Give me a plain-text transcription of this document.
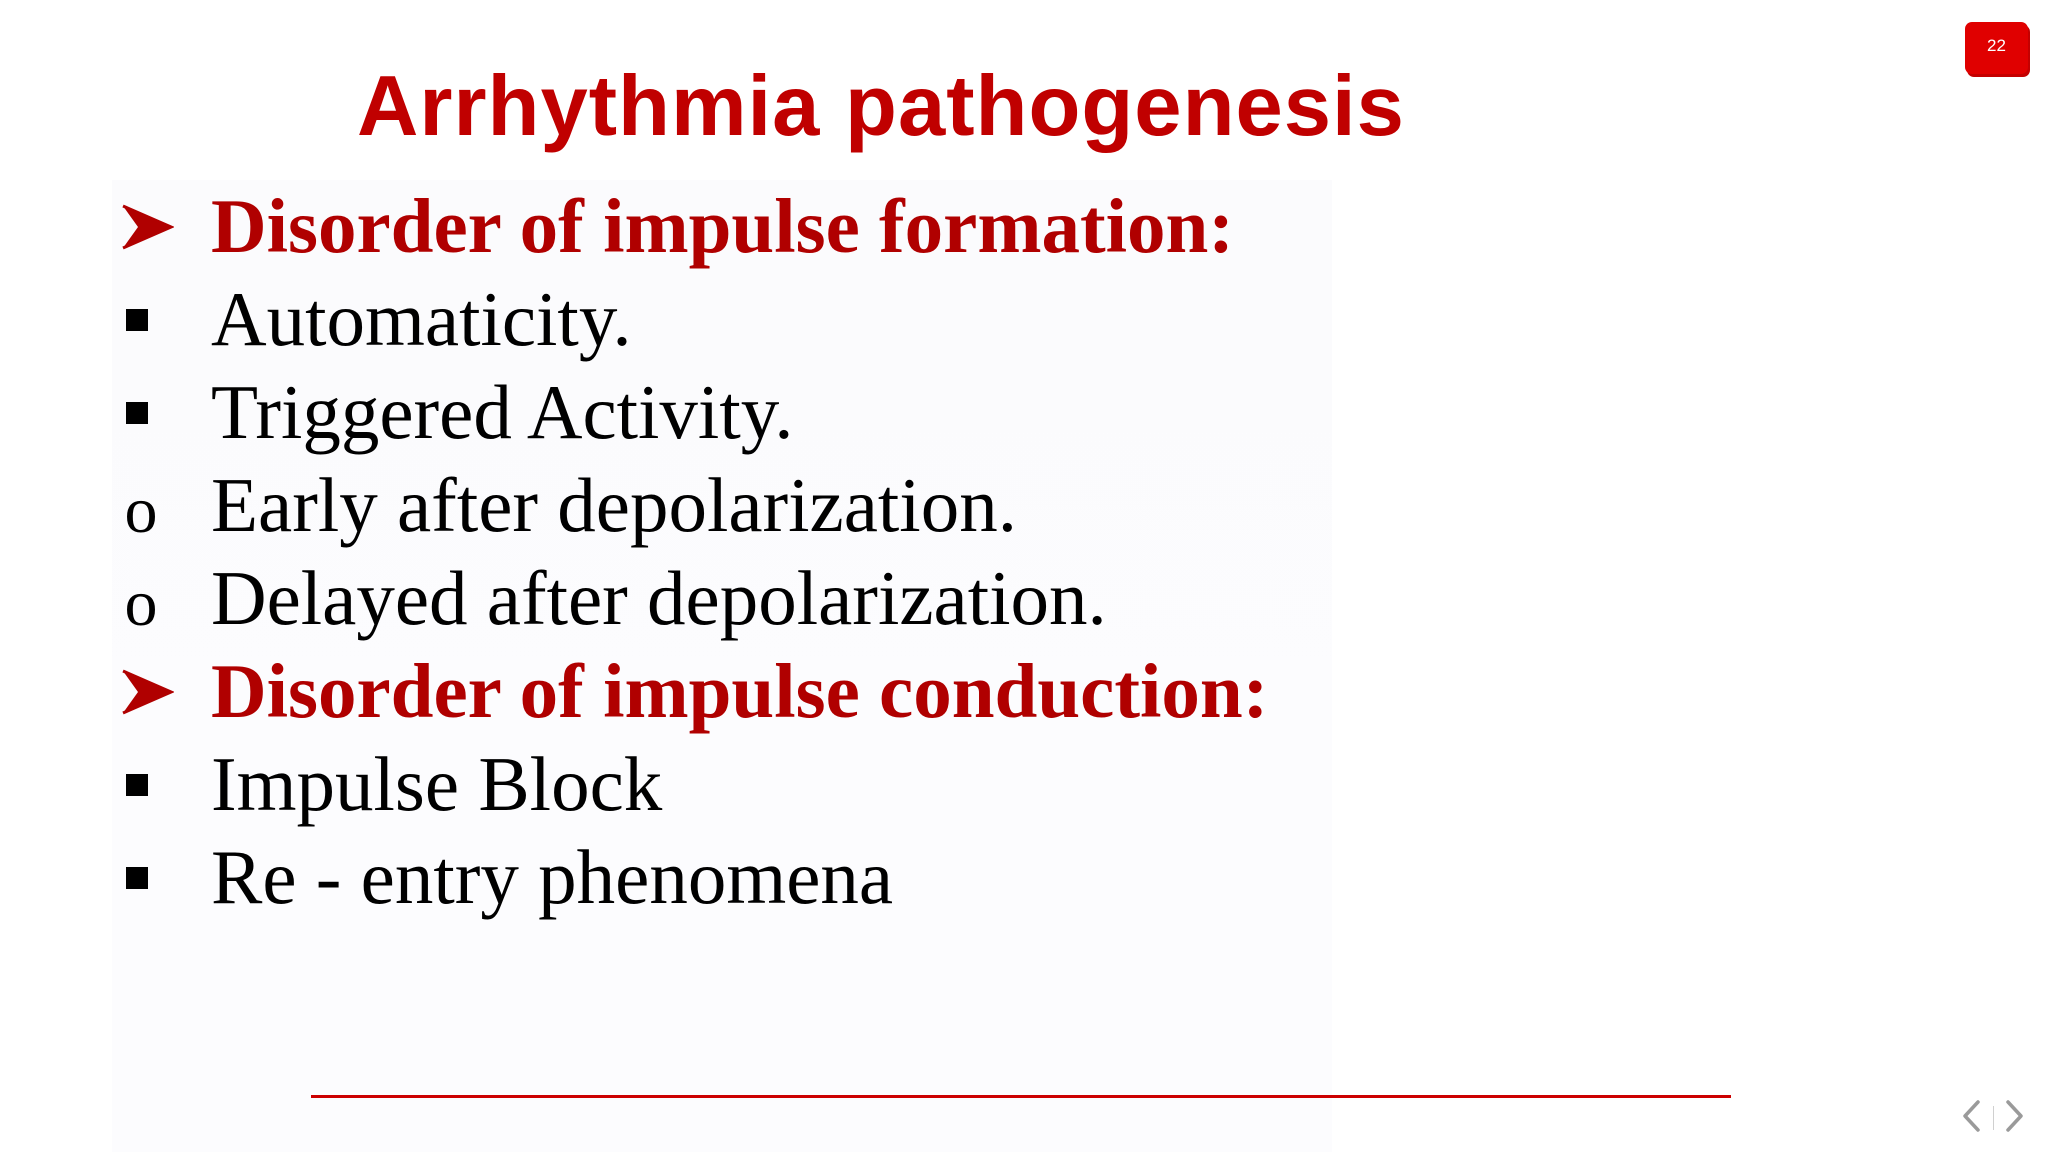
Arrhythmia pathogenesis
22
Disorder of impulse formation:
Automaticity.
Triggered Activity.
o Early after depolarization.
o Delayed after depolarization.
Disorder of impulse conduction:
Impulse Block
Re - entry phenomena
